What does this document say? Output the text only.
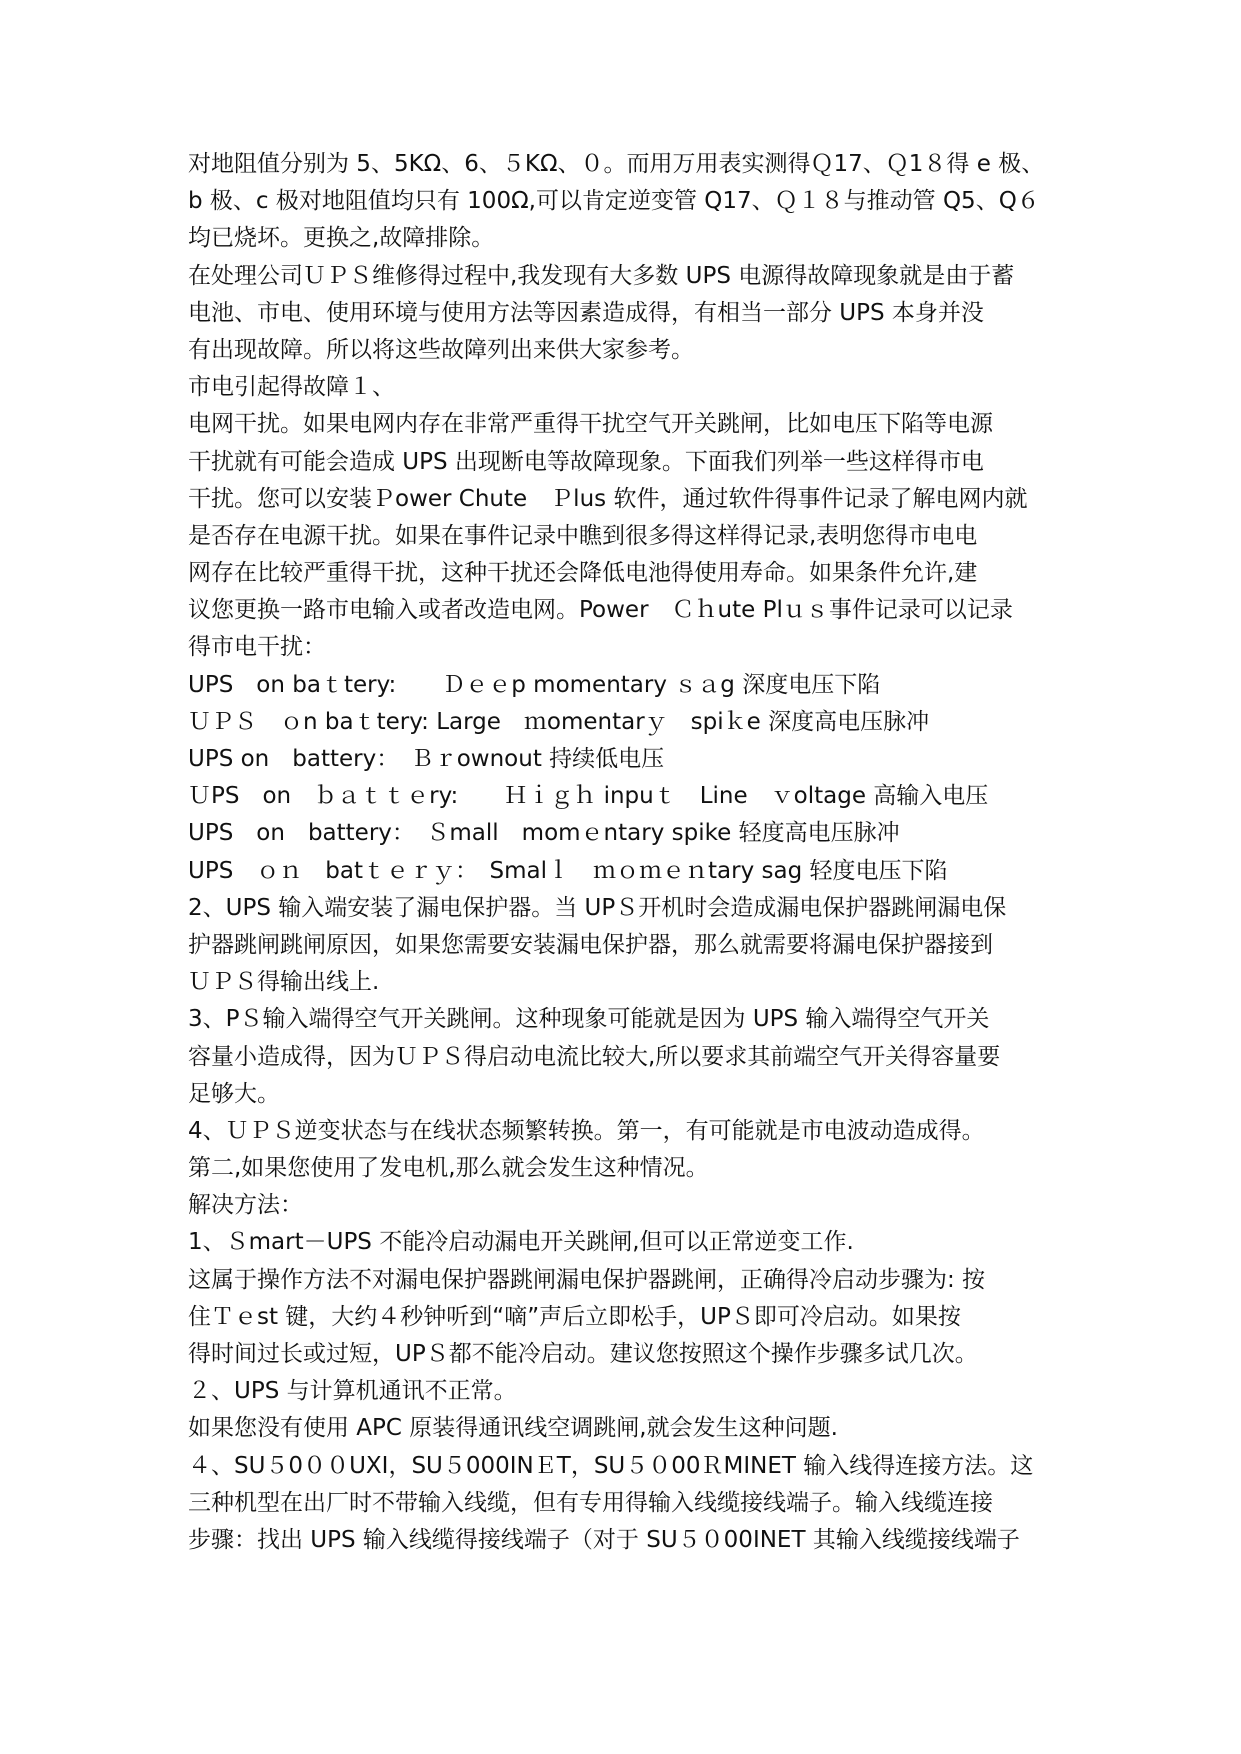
对地阻值分别为 5、5KΩ、6、５KΩ、０。而用万用表实测得Ｑ17、Ｑ1８得 e 极、
b 极、c 极对地阻值均只有 100Ω,可以肯定逆变管 Q17、Ｑ１８与推动管 Q5、Q６
均已烧坏。更换之,故障排除。
在处理公司ＵＰＳ维修得过程中,我发现有大多数 UPS 电源得故障现象就是由于蓄
电池、市电、使用环境与使用方法等因素造成得，有相当一部分 UPS 本身并没
有出现故障。所以将这些故障列出来供大家参考。
市电引起得故障１、
电网干扰。如果电网内存在非常严重得干扰空气开关跳闸，比如电压下陷等电源
干扰就有可能会造成 UPS 出现断电等故障现象。下面我们列举一些这样得市电
干扰。您可以安装Ｐower Chute　Ｐlus 软件，通过软件得事件记录了解电网内就
是否存在电源干扰。如果在事件记录中瞧到很多得这样得记录,表明您得市电电
网存在比较严重得干扰，这种干扰还会降低电池得使用寿命。如果条件允许,建
议您更换一路市电输入或者改造电网。Power　Ｃｈute Plｕｓ事件记录可以记录
得市电干扰：
UPS　on baｔtery:　　Ｄｅｅp momentary ｓａg 深度电压下陷
ＵＰＳ　ｏn baｔtery: Large　ｍomentarｙ　spiｋe 深度高电压脉冲
UPS on　battery：　Ｂｒownout 持续低电压
ＵPS　on　ｂａｔｔｅry:　　Ｈｉｇｈ inpuｔ　Line　ｖoltage 高输入电压
UPS　on　battery：　Ｓmall　momｅntary spike 轻度高电压脉冲
UPS　ｏｎ　batｔｅｒｙ：　Smalｌ　ｍｏｍｅｎtary sag 轻度电压下陷
2、UPS 输入端安装了漏电保护器。当 UPＳ开机时会造成漏电保护器跳闸漏电保
护器跳闸跳闸原因，如果您需要安装漏电保护器，那么就需要将漏电保护器接到
ＵＰＳ得输出线上.
3、PＳ输入端得空气开关跳闸。这种现象可能就是因为 UPS 输入端得空气开关
容量小造成得，因为ＵＰＳ得启动电流比较大,所以要求其前端空气开关得容量要
足够大。
4、ＵＰＳ逆变状态与在线状态频繁转换。第一，有可能就是市电波动造成得。
第二,如果您使用了发电机,那么就会发生这种情况。
解决方法：
1、Ｓmart－UPS 不能冷启动漏电开关跳闸,但可以正常逆变工作.
这属于操作方法不对漏电保护器跳闸漏电保护器跳闸，正确得冷启动步骤为: 按
住Ｔｅst 键，大约４秒钟听到“嘀”声后立即松手，UPＳ即可冷启动。如果按
得时间过长或过短，UPＳ都不能冷启动。建议您按照这个操作步骤多试几次。
２、UPS 与计算机通讯不正常。
如果您没有使用 APC 原装得通讯线空调跳闸,就会发生这种问题.
４、SU５0００UXI，SU５000INＥT，SU５０00ＲMINET 输入线得连接方法。这
三种机型在出厂时不带输入线缆，但有专用得输入线缆接线端子。输入线缆连接
步骤：找出 UPS 输入线缆得接线端子（对于 SU５０00INET 其输入线缆接线端子
